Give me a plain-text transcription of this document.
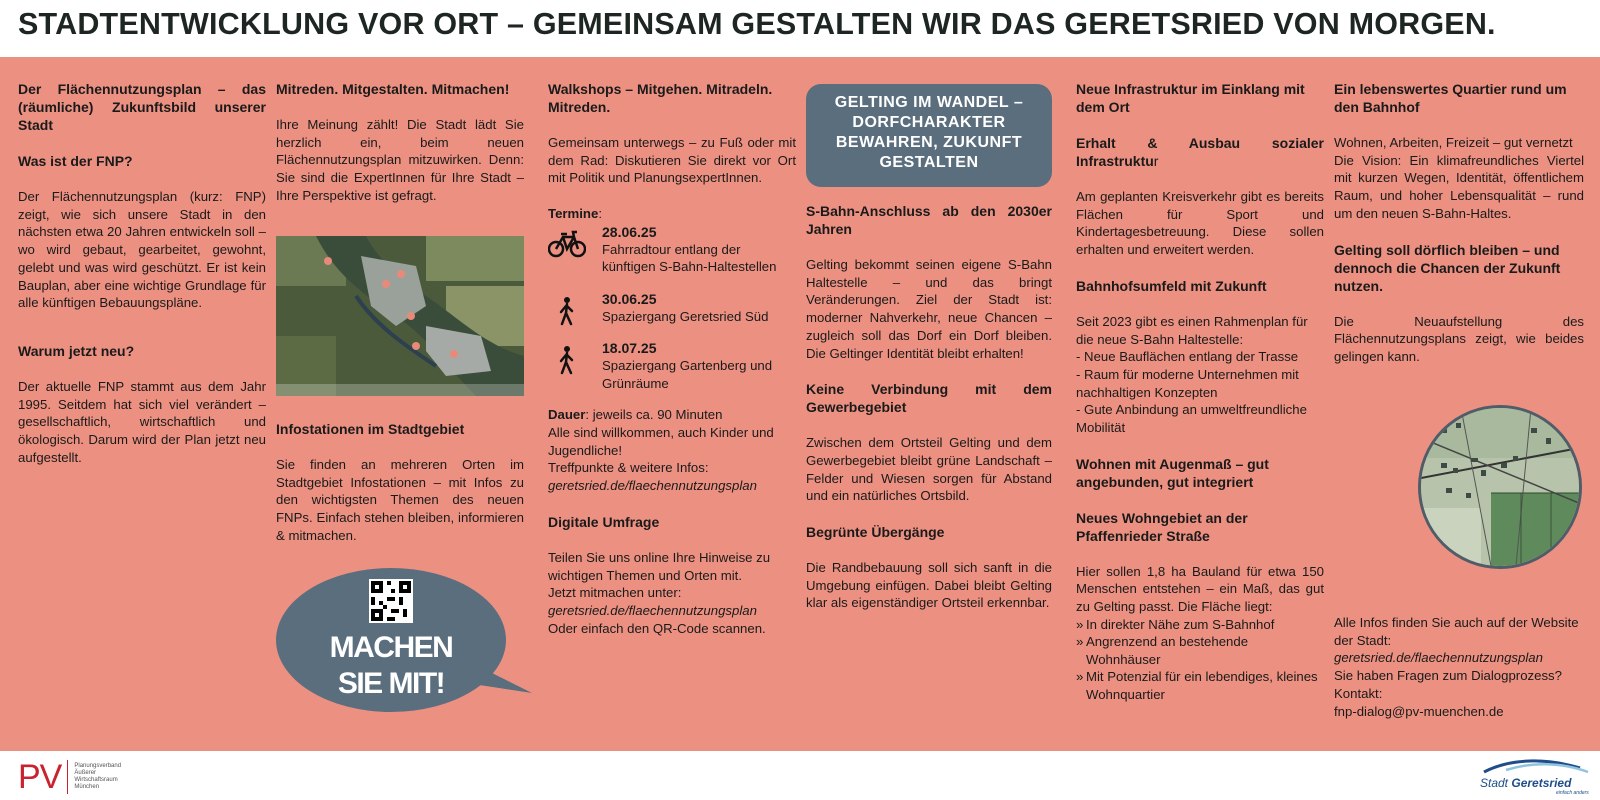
STADTENTWICKLUNG VOR ORT – GEMEINSAM GESTALTEN WIR DAS GERETSRIED VON MORGEN.
Der Flächennutzungsplan – das (räumliche) Zukunftsbild unserer Stadt
Was ist der FNP?

Der Flächennutzungsplan (kurz: FNP) zeigt, wie sich unsere Stadt in den nächsten etwa 20 Jahren entwickeln soll – wo wird gebaut, gearbeitet, gewohnt, gelebt und was wird geschützt. Er ist kein Bauplan, aber eine wichtige Grundlage für alle künftigen Bebauungspläne.

Warum jetzt neu?

Der aktuelle FNP stammt aus dem Jahr 1995. Seitdem hat sich viel verändert – gesellschaftlich, wirtschaftlich und ökologisch. Darum wird der Plan jetzt neu aufgestellt.

Mitreden. Mitgestalten. Mitmachen!

Ihre Meinung zählt! Die Stadt lädt Sie herzlich ein, beim neuen Flächennutzungsplan mitzuwirken. Denn: Sie sind die ExpertInnen für Ihre Stadt – Ihre Perspektive ist gefragt.

Infostationen im Stadtgebiet

Sie finden an mehreren Orten im Stadtgebiet Infostationen – mit Infos zu den wichtigsten Themen des neuen FNPs. Einfach stehen bleiben, informieren & mitmachen.

MACHEN
SIE MIT!
Walkshops – Mitgehen. Mitradeln. Mitreden.

Gemeinsam unterwegs – zu Fuß oder mit dem Rad: Diskutieren Sie direkt vor Ort mit Politik und PlanungsexpertInnen.

Termine:

28.06.25
Fahrradtour entlang der künftigen S-Bahn-Haltestellen
30.06.25
Spaziergang Geretsried Süd
18.07.25
Spaziergang Gartenberg und Grünräume

Dauer: jeweils ca. 90 Minuten

Alle sind willkommen, auch Kinder und Jugendliche!

Treffpunkte & weitere Infos:

geretsried.de/flaechennutzungsplan

Digitale Umfrage

Teilen Sie uns online Ihre Hinweise zu wichtigen Themen und Orten mit.

Jetzt mitmachen unter:

geretsried.de/flaechennutzungsplan

Oder einfach den QR-Code scannen.

GELTING IM WANDEL – DORFCHARAKTER BEWAHREN, ZUKUNFT GESTALTEN
S-Bahn-Anschluss ab den 2030er Jahren

Gelting bekommt seinen eigene S-Bahn Haltestelle – und das bringt Veränderungen. Ziel der Stadt ist: moderner Nahverkehr, neue Chancen – zugleich soll das Dorf ein Dorf bleiben. Die Geltinger Identität bleibt erhalten!

Keine Verbindung mit dem Gewerbegebiet

Zwischen dem Ortsteil Gelting und dem Gewerbegebiet bleibt grüne Landschaft – Felder und Wiesen sorgen für Abstand und ein natürliches Ortsbild.

Begrünte Übergänge

Die Randbebauung soll sich sanft in die Umgebung einfügen. Dabei bleibt Gelting klar als eigenständiger Ortsteil erkennbar.

Neue Infrastruktur im Einklang mit dem Ort
Erhalt & Ausbau sozialer Infrastruktur

Am geplanten Kreisverkehr gibt es bereits Flächen für Sport und Kindertagesbetreuung. Diese sollen erhalten und erweitert werden.

Bahnhofsumfeld mit Zukunft

Seit 2023 gibt es einen Rahmenplan für die neue S-Bahn Haltestelle:

- Neue Bauflächen entlang der Trasse

- Raum für moderne Unternehmen mit nachhaltigen Konzepten

- Gute Anbindung an umweltfreundliche Mobilität

Wohnen mit Augenmaß – gut angebunden, gut integriert
Neues Wohngebiet an der Pfaffenrieder Straße

Hier sollen 1,8 ha Bauland für etwa 150 Menschen entstehen – ein Maß, das gut zu Gelting passt. Die Fläche liegt:

» In direkter Nähe zum S-Bahnhof
» Angrenzend an bestehende Wohnhäuser
» Mit Potenzial für ein lebendiges, kleines Wohnquartier
Ein lebenswertes Quartier rund um den Bahnhof

Wohnen, Arbeiten, Freizeit – gut vernetzt

Die Vision: Ein klimafreundliches Viertel mit kurzen Wegen, Identität, öffentlichem Raum, und hoher Lebensqualität – rund um den neuen S-Bahn-Haltes.

Gelting soll dörflich bleiben – und dennoch die Chancen der Zukunft nutzen.

Die Neuaufstellung des Flächennutzungsplans zeigt, wie beides gelingen kann.

Alle Infos finden Sie auch auf der Website der Stadt:

geretsried.de/flaechennutzungsplan

Sie haben Fragen zum Dialogprozess? Kontakt:

fnp-dialog@pv-muenchen.de

PV Planungsverband
Äußerer
Wirtschaftsraum
München	Stadt Geretsried
einfach anders
